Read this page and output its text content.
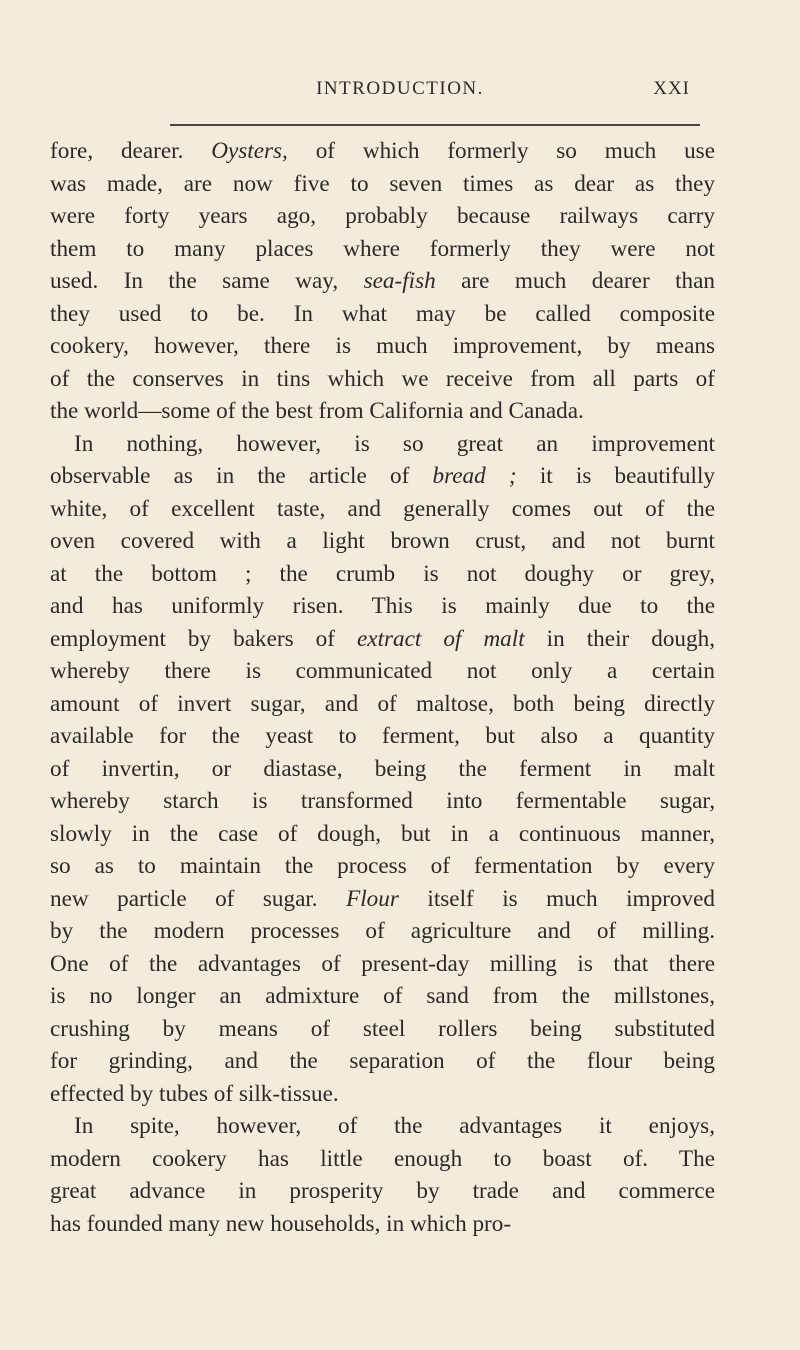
INTRODUCTION.	XXI
fore, dearer. Oysters, of which formerly so much use
was made, are now five to seven times as dear as they
were forty years ago, probably because railways carry
them to many places where formerly they were not
used. In the same way, sea-fish are much dearer than
they used to be. In what may be called composite
cookery, however, there is much improvement, by means
of the conserves in tins which we receive from all parts of
the world—some of the best from California and Canada.
In nothing, however, is so great an improvement
observable as in the article of bread ; it is beautifully
white, of excellent taste, and generally comes out of the
oven covered with a light brown crust, and not burnt
at the bottom ; the crumb is not doughy or grey,
and has uniformly risen. This is mainly due to the
employment by bakers of extract of malt in their dough,
whereby there is communicated not only a certain
amount of invert sugar, and of maltose, both being directly
available for the yeast to ferment, but also a quantity
of invertin, or diastase, being the ferment in malt
whereby starch is transformed into fermentable sugar,
slowly in the case of dough, but in a continuous manner,
so as to maintain the process of fermentation by every
new particle of sugar. Flour itself is much improved
by the modern processes of agriculture and of milling.
One of the advantages of present-day milling is that there
is no longer an admixture of sand from the millstones,
crushing by means of steel rollers being substituted
for grinding, and the separation of the flour being
effected by tubes of silk-tissue.
In spite, however, of the advantages it enjoys,
modern cookery has little enough to boast of. The
great advance in prosperity by trade and commerce
has founded many new households, in which pro-
